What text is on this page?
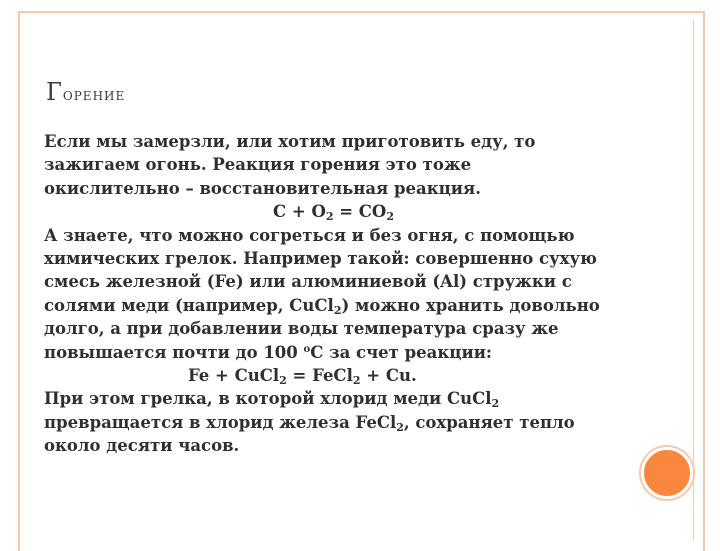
Горение

Если мы замерзли, или хотим приготовить еду, то зажигаем огонь. Реакция горения это тоже окислительно – восстановительная реакция.

$C + O_2 = CO_2$

А знаете, что можно согреться и без огня, с помощью химических грелок. Например такой: совершенно сухую смесь железной (Fe) или алюминиевой (Al) стружки с солями меди (например, CuCl$_2$) можно хранить довольно долго, а при добавлении воды температура сразу же повышается почти до 100 $^о$С за счет реакции:

Fe + CuCl$_2$ = FeCl$_2$ + Cu.

При этом грелка, в которой хлорид меди CuCl$_2$ превращается в хлорид железа FeCl$_2$, сохраняет тепло около десяти часов.
